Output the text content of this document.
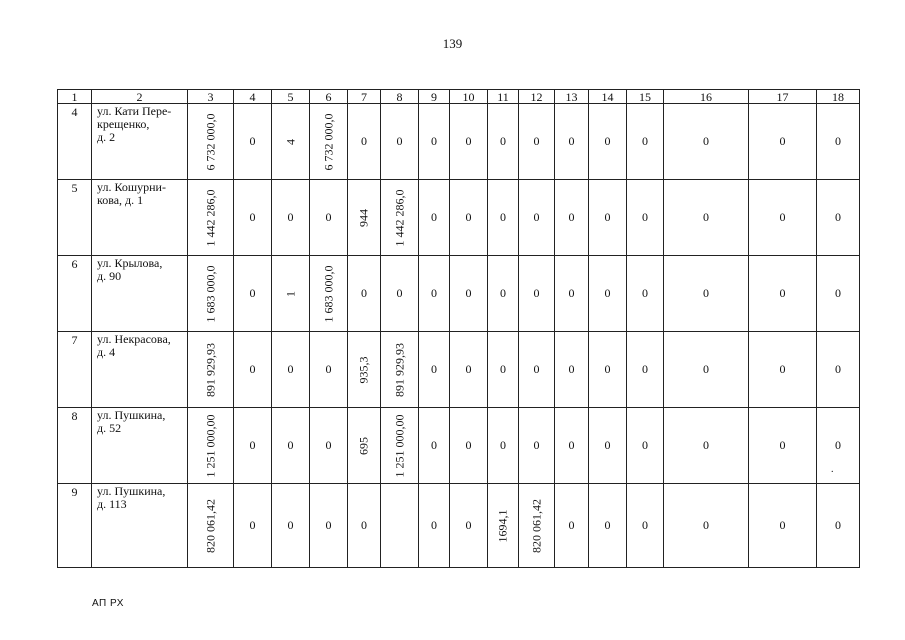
139
1	2	3	4	5	6	7	8	9	10	11	12	13	14	15	16	17	18
4	ул. Кати Пере-
крещенко,
д. 2	6 732 000,0	0	4	6 732 000,0	0	0	0	0	0	0	0	0	0	0	0	0
5	ул. Кошурни-
кова, д. 1	1 442 286,0	0	0	0	944	1 442 286,0	0	0	0	0	0	0	0	0	0	0
6	ул. Крылова,
д. 90	1 683 000,0	0	1	1 683 000,0	0	0	0	0	0	0	0	0	0	0	0	0
7	ул. Некрасова,
д. 4	891 929,93	0	0	0	935,3	891 929,93	0	0	0	0	0	0	0	0	0	0
8	ул. Пушкина,
д. 52	1 251 000,00	0	0	0	695	1 251 000,00	0	0	0	0	0	0	0	0	0	0
.

9	ул. Пушкина,
д. 113	820 061,42	0	0	0	0		0	0	1694,1	820 061,42	0	0	0	0	0	0
АП РХ
